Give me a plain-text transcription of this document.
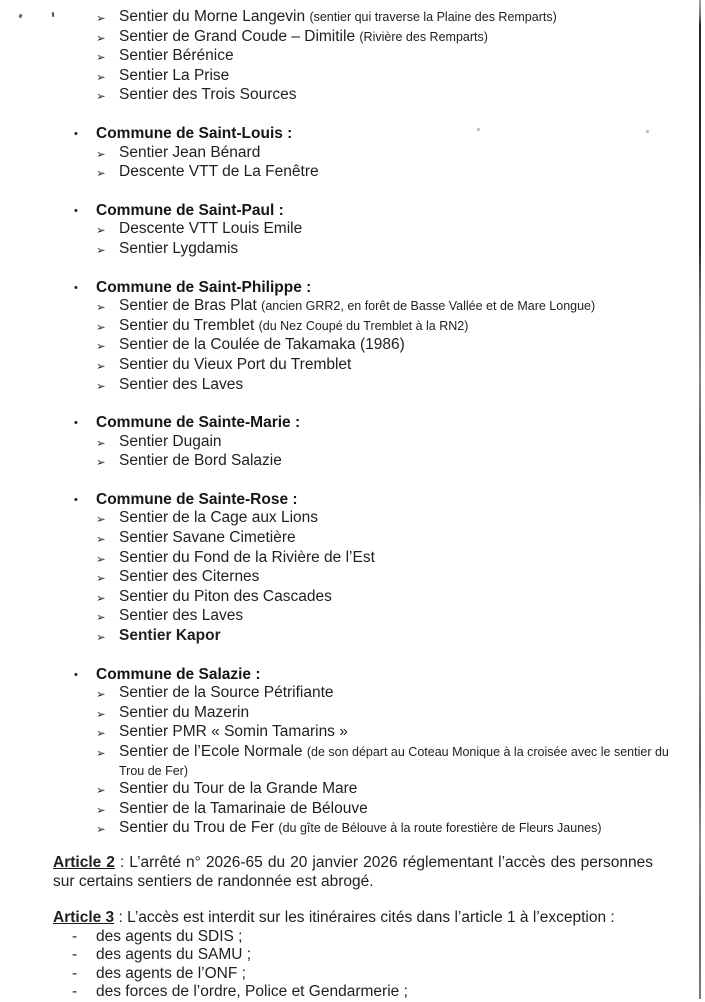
➢ Sentier du Morne Langevin (sentier qui traverse la Plaine des Remparts)
➢ Sentier de Grand Coude – Dimitile (Rivière des Remparts)
➢ Sentier Bérénice
➢ Sentier La Prise
➢ Sentier des Trois Sources
•	Commune de Saint-Louis :
➢ Sentier Jean Bénard
➢ Descente VTT de La Fenêtre
•	Commune de Saint-Paul :
➢ Descente VTT Louis Emile
➢ Sentier Lygdamis
•	Commune de Saint-Philippe :
➢ Sentier de Bras Plat (ancien GRR2, en forêt de Basse Vallée et de Mare Longue)
➢ Sentier du Tremblet (du Nez Coupé du Tremblet à la RN2)
➢ Sentier de la Coulée de Takamaka (1986)
➢ Sentier du Vieux Port du Tremblet
➢ Sentier des Laves
•	Commune de Sainte-Marie :
➢ Sentier Dugain
➢ Sentier de Bord Salazie
•	Commune de Sainte-Rose :
➢ Sentier de la Cage aux Lions
➢ Sentier Savane Cimetière
➢ Sentier du Fond de la Rivière de l’Est
➢ Sentier des Citernes
➢ Sentier du Piton des Cascades
➢ Sentier des Laves
➢ Sentier Kapor
•	Commune de Salazie :
➢ Sentier de la Source Pétrifiante
➢ Sentier du Mazerin
➢ Sentier PMR « Somin Tamarins »
➢ Sentier de l’Ecole Normale (de son départ au Coteau Monique à la croisée avec le sentier du Trou de Fer)
➢ Sentier du Tour de la Grande Mare
➢ Sentier de la Tamarinaie de Bélouve
➢ Sentier du Trou de Fer (du gîte de Bélouve à la route forestière de Fleurs Jaunes)

Article 2 : L’arrêté n° 2026-65 du 20 janvier 2026 réglementant l’accès des personnes sur certains sentiers de randonnée est abrogé.

Article 3 : L’accès est interdit sur les itinéraires cités dans l’article 1 à l’exception :

-	des agents du SDIS ;
-	des agents du SAMU ;
-	des agents de l’ONF ;
-	des forces de l’ordre, Police et Gendarmerie ;
